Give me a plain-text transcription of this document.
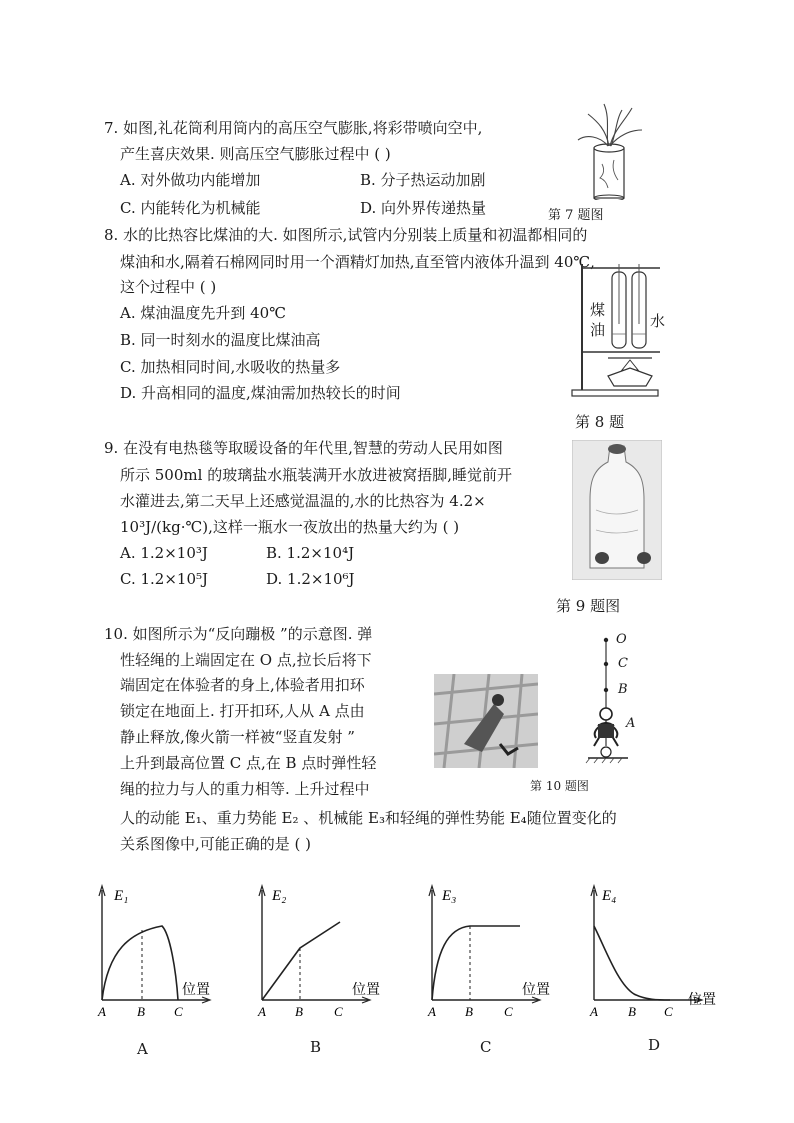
7. 如图,礼花筒利用筒内的高压空气膨胀,将彩带喷向空中,
产生喜庆效果. 则高压空气膨胀过程中 ( )
A. 对外做功内能增加	B. 分子热运动加剧
C. 内能转化为机械能	D. 向外界传递热量	第 7 题图
8. 水的比热容比煤油的大. 如图所示,试管内分别装上质量和初温都相同的
煤油和水,隔着石棉网同时用一个酒精灯加热,直至管内液体升温到 40℃,
这个过程中 ( )
A. 煤油温度先升到 40℃
B. 同一时刻水的温度比煤油高
C. 加热相同时间,水吸收的热量多
D. 升高相同的温度,煤油需加热较长的时间
煤油	水
第 8 题
9. 在没有电热毯等取暖设备的年代里,智慧的劳动人民用如图
所示 500ml 的玻璃盐水瓶装满开水放进被窝捂脚,睡觉前开
水灌进去,第二天早上还感觉温温的,水的比热容为 4.2×
10³J/(kg·℃),这样一瓶水一夜放出的热量大约为 ( )
A. 1.2×10³J	B. 1.2×10⁴J
C. 1.2×10⁵J	D. 1.2×10⁶J
第 9 题图
10. 如图所示为“反向蹦极 ”的示意图. 弹
性轻绳的上端固定在 O 点,拉长后将下
端固定在体验者的身上,体验者用扣环
锁定在地面上. 打开扣环,人从 A 点由
静止释放,像火箭一样被“竖直发射 ”
上升到最高位置 C 点,在 B 点时弹性轻
绳的拉力与人的重力相等. 上升过程中
人的动能 E₁、重力势能 E₂ 、机械能 E₃和轻绳的弹性势能 E₄随位置变化的
关系图像中,可能正确的是 ( )
O
C
B
A
第 10 题图
E₁
位置
A B C
E₂
位置
A B C
E₃
位置
A B C
E₄
位置
A B C
A	B	C	D
